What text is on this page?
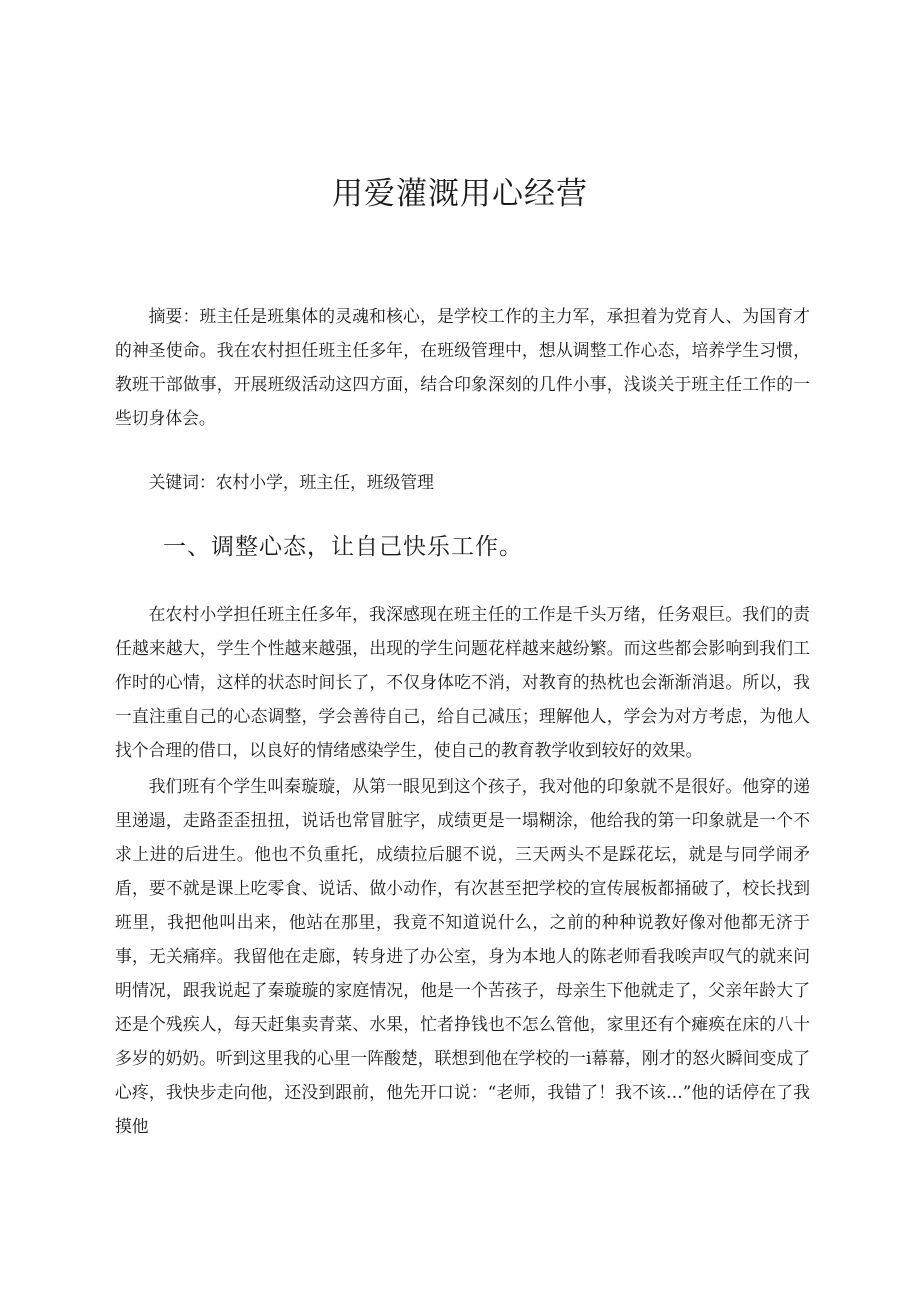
用爱灌溉用心经营

摘要：班主任是班集体的灵魂和核心，是学校工作的主力军，承担着为党育人、为国育才的神圣使命。我在农村担任班主任多年，在班级管理中，想从调整工作心态，培养学生习惯，教班干部做事，开展班级活动这四方面，结合印象深刻的几件小事，浅谈关于班主任工作的一些切身体会。

关键词：农村小学，班主任，班级管理

一、调整心态，让自己快乐工作。

在农村小学担任班主任多年，我深感现在班主任的工作是千头万绪，任务艰巨。我们的责任越来越大，学生个性越来越强，出现的学生问题花样越来越纷繁。而这些都会影响到我们工作时的心情，这样的状态时间长了，不仅身体吃不消，对教育的热枕也会渐渐消退。所以，我一直注重自己的心态调整，学会善待自己，给自己减压；理解他人，学会为对方考虑，为他人找个合理的借口，以良好的情绪感染学生，使自己的教育教学收到较好的效果。

我们班有个学生叫秦璇璇，从第一眼见到这个孩子，我对他的印象就不是很好。他穿的递里递遢，走路歪歪扭扭，说话也常冒脏字，成绩更是一塌糊涂，他给我的第一印象就是一个不求上进的后进生。他也不负重托，成绩拉后腿不说，三天两头不是踩花坛，就是与同学闹矛盾，要不就是课上吃零食、说话、做小动作，有次甚至把学校的宣传展板都捅破了，校长找到班里，我把他叫出来，他站在那里，我竟不知道说什么，之前的种种说教好像对他都无济于事，无关痛痒。我留他在走廊，转身进了办公室，身为本地人的陈老师看我唉声叹气的就来问明情况，跟我说起了秦璇璇的家庭情况，他是一个苦孩子，母亲生下他就走了，父亲年龄大了还是个残疾人，每天赶集卖青菜、水果，忙者挣钱也不怎么管他，家里还有个瘫痪在床的八十多岁的奶奶。听到这里我的心里一阵酸楚，联想到他在学校的一i幕幕，刚才的怒火瞬间变成了心疼，我快步走向他，还没到跟前，他先开口说：“老师，我错了！我不该…”他的话停在了我摸他
